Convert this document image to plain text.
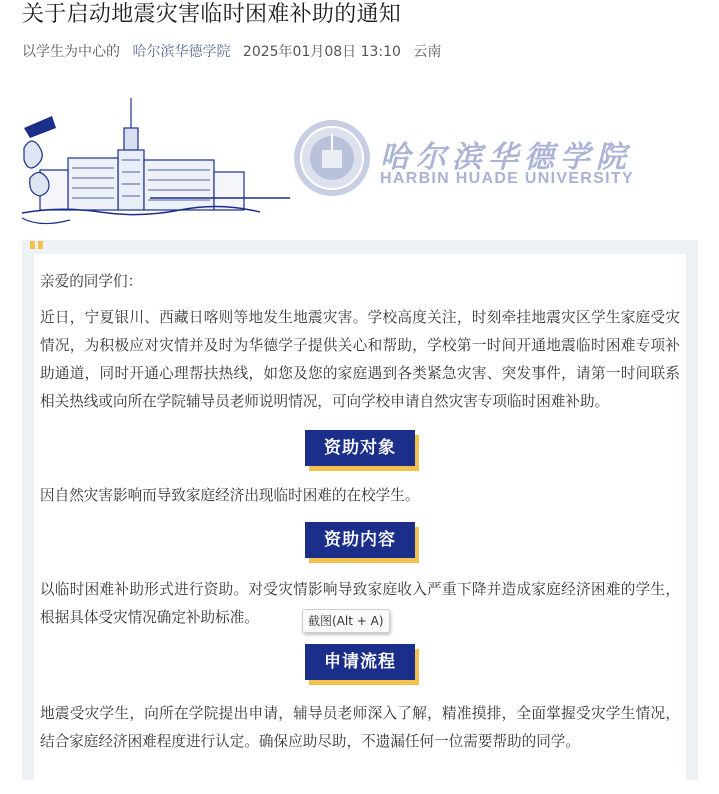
关于启动地震灾害临时困难补助的通知
以学生为中心的 哈尔滨华德学院 2025年01月08日 13:10 云南
哈尔滨华德学院
HARBIN HUADE UNIVERSITY

亲爱的同学们：

近日，宁夏银川、西藏日喀则等地发生地震灾害。学校高度关注，时刻牵挂地震灾区学生家庭受灾情况，为积极应对灾情并及时为华德学子提供关心和帮助，学校第一时间开通地震临时困难专项补助通道，同时开通心理帮扶热线，如您及您的家庭遇到各类紧急灾害、突发事件，请第一时间联系相关热线或向所在学院辅导员老师说明情况，可向学校申请自然灾害专项临时困难补助。

资助对象

因自然灾害影响而导致家庭经济出现临时困难的在校学生。

资助内容

以临时困难补助形式进行资助。对受灾情影响导致家庭收入严重下降并造成家庭经济困难的学生，根据具体受灾情况确定补助标准。

申请流程

地震受灾学生，向所在学院提出申请，辅导员老师深入了解，精准摸排，全面掌握受灾学生情况，结合家庭经济困难程度进行认定。确保应助尽助，不遗漏任何一位需要帮助的同学。

截图(Alt + A)
